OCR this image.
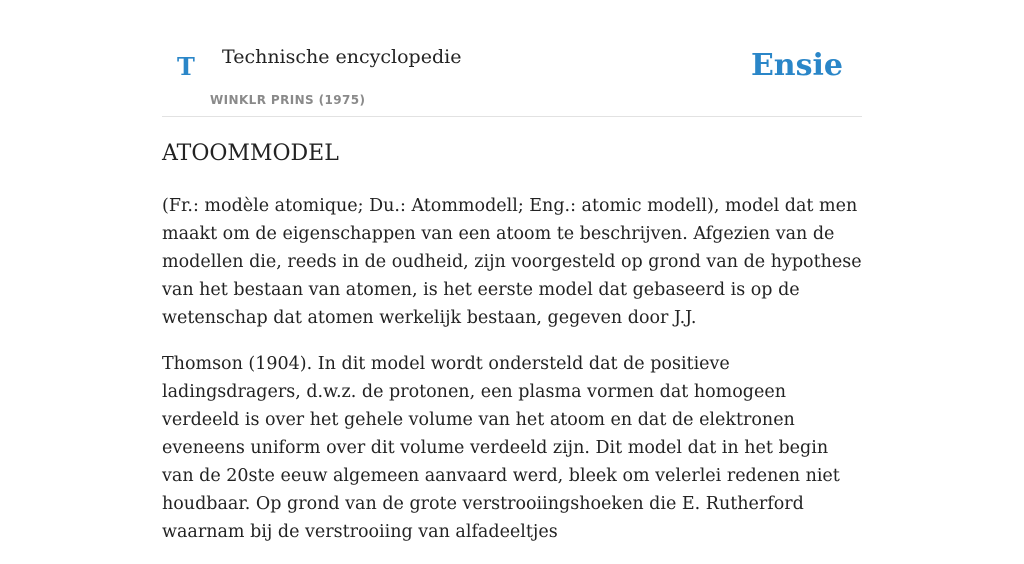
T Technische encyclopedie
WINKLR PRINS (1975)
Ensie
ATOOMMODEL

(Fr.: modèle atomique; Du.: Atommodell; Eng.: atomic modell), model dat men maakt om de eigenschappen van een atoom te beschrijven. Afgezien van de modellen die, reeds in de oudheid, zijn voorgesteld op grond van de hypothese van het bestaan van atomen, is het eerste model dat gebaseerd is op de wetenschap dat atomen werkelijk bestaan, gegeven door J.J.

Thomson (1904). In dit model wordt ondersteld dat de positieve ladingsdragers, d.w.z. de protonen, een plasma vormen dat homogeen verdeeld is over het gehele volume van het atoom en dat de elektronen eveneens uniform over dit volume verdeeld zijn. Dit model dat in het begin van de 20ste eeuw algemeen aanvaard werd, bleek om velerlei redenen niet houdbaar. Op grond van de grote verstrooiingshoeken die E. Rutherford waarnam bij de verstrooiing van alfadeeltjes
